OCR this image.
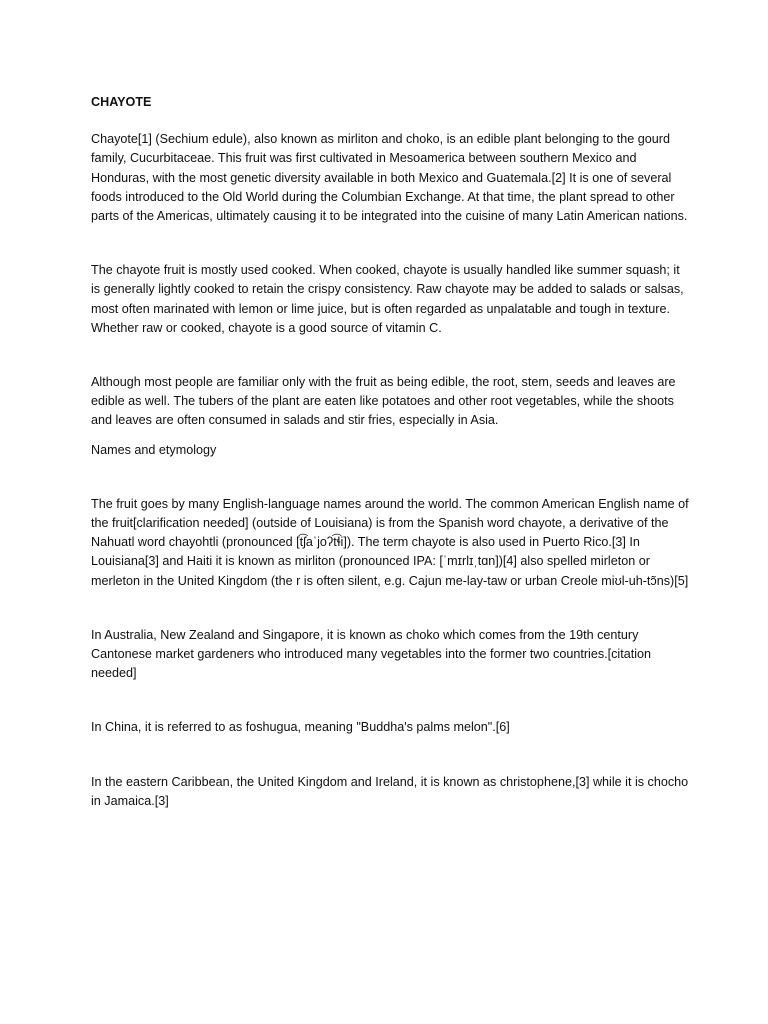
CHAYOTE

Chayote[1] (Sechium edule), also known as mirliton and choko, is an edible plant belonging to the gourd family, Cucurbitaceae. This fruit was first cultivated in Mesoamerica between southern Mexico and Honduras, with the most genetic diversity available in both Mexico and Guatemala.[2] It is one of several foods introduced to the Old World during the Columbian Exchange. At that time, the plant spread to other parts of the Americas, ultimately causing it to be integrated into the cuisine of many Latin American nations.

The chayote fruit is mostly used cooked. When cooked, chayote is usually handled like summer squash; it is generally lightly cooked to retain the crispy consistency. Raw chayote may be added to salads or salsas, most often marinated with lemon or lime juice, but is often regarded as unpalatable and tough in texture. Whether raw or cooked, chayote is a good source of vitamin C.

Although most people are familiar only with the fruit as being edible, the root, stem, seeds and leaves are edible as well. The tubers of the plant are eaten like potatoes and other root vegetables, while the shoots and leaves are often consumed in salads and stir fries, especially in Asia.

Names and etymology

The fruit goes by many English-language names around the world. The common American English name of the fruit[clarification needed] (outside of Louisiana) is from the Spanish word chayote, a derivative of the Nahuatl word chayohtli (pronounced [t͡ʃaˈjoʔt͡ɬi]). The term chayote is also used in Puerto Rico.[3] In Louisiana[3] and Haiti it is known as mirliton (pronounced IPA: [ˈmɪrlɪˌtɑn])[4] also spelled mirleton or merleton in the United Kingdom (the r is often silent, e.g. Cajun me-lay-taw or urban Creole miʊl-uh-tɔ̃ns)[5]

In Australia, New Zealand and Singapore, it is known as choko which comes from the 19th century Cantonese market gardeners who introduced many vegetables into the former two countries.[citation needed]

In China, it is referred to as foshugua, meaning "Buddha's palms melon".[6]

In the eastern Caribbean, the United Kingdom and Ireland, it is known as christophene,[3] while it is chocho in Jamaica.[3]
